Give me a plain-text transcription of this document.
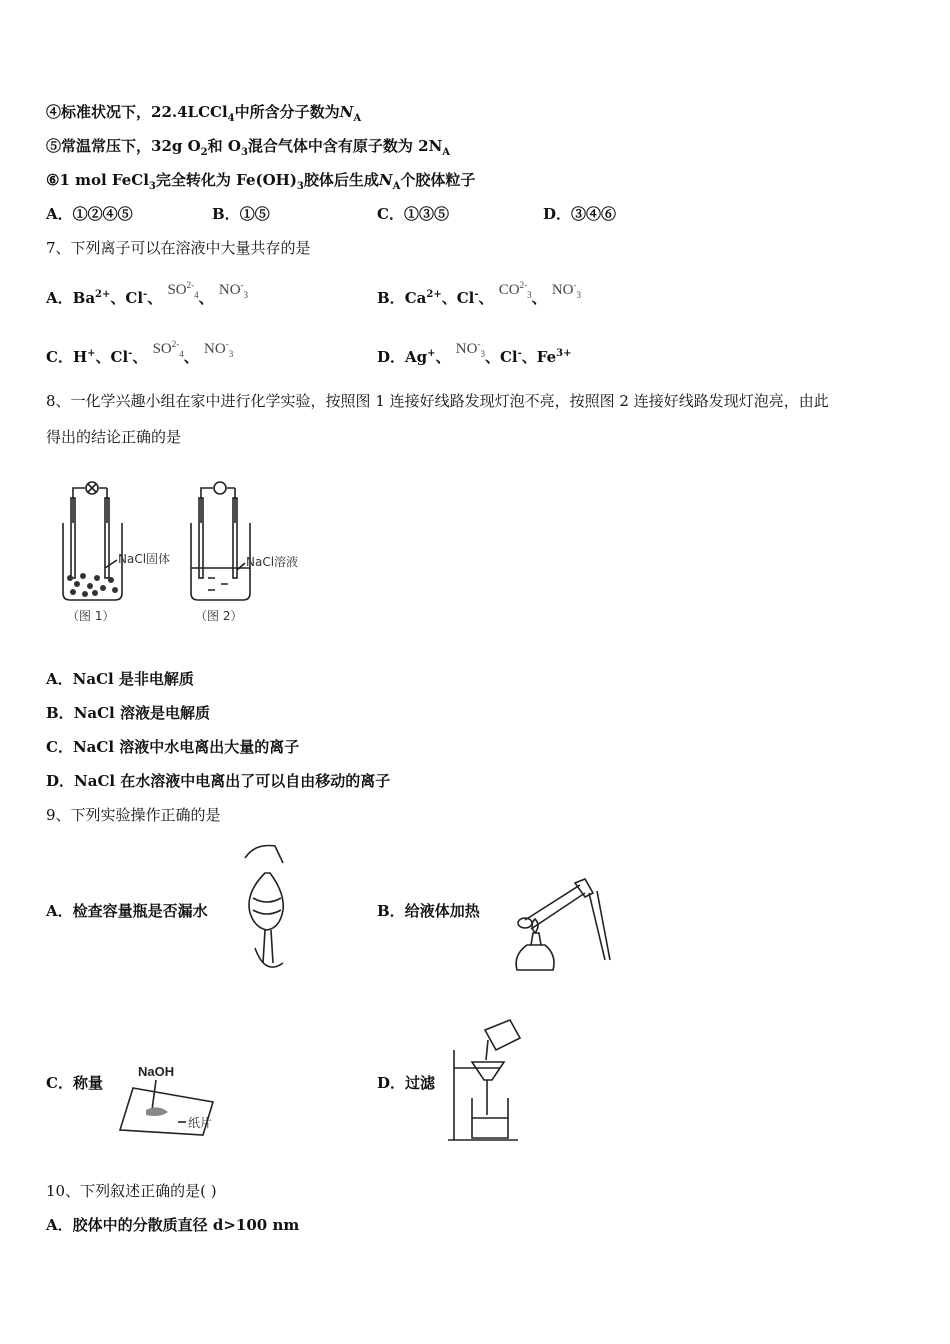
④标准状况下，22.4LCCl$_4$中所含分子数为$N_A$
⑤常温常压下，32g $O_2$和 $O_3$混合气体中含有原子数为 $2N_A$
⑥1 mol FeCl$_3$完全转化为 $Fe(OH)_3$胶体后生成$N_A$个胶体粒子
A．①②④⑤	B．①⑤	C．①③⑤	D．③④⑥
7、下列离子可以在溶液中大量共存的是
A．$Ba^{2+}$、Cl-、 $SO^{2-}_4$、 $NO^-_3$	B．$Ca^{2+}$、Cl-、 $CO^{2-}_3$、 $NO^-_3$
C．H+、Cl-、 $SO^{2-}_4$、 $NO^-_3$	D．Ag+、 $NO^-_3$、Cl-、$Fe^{3+}$
8、一化学兴趣小组在家中进行化学实验，按照图 1 连接好线路发现灯泡不亮，按照图 2 连接好线路发现灯泡亮，由此
得出的结论正确的是
NaCl固体
（图 1）
NaCl溶液
（图 2）
A．NaCl 是非电解质
B．NaCl 溶液是电解质
C．NaCl 溶液中水电离出大量的离子
D．NaCl 在水溶液中电离出了可以自由移动的离子
9、下列实验操作正确的是
A．检查容量瓶是否漏水	B．给液体加热
C．称量
NaOH
纸片
D．过滤
10、下列叙述正确的是( )
A．胶体中的分散质直径 d>100 nm
